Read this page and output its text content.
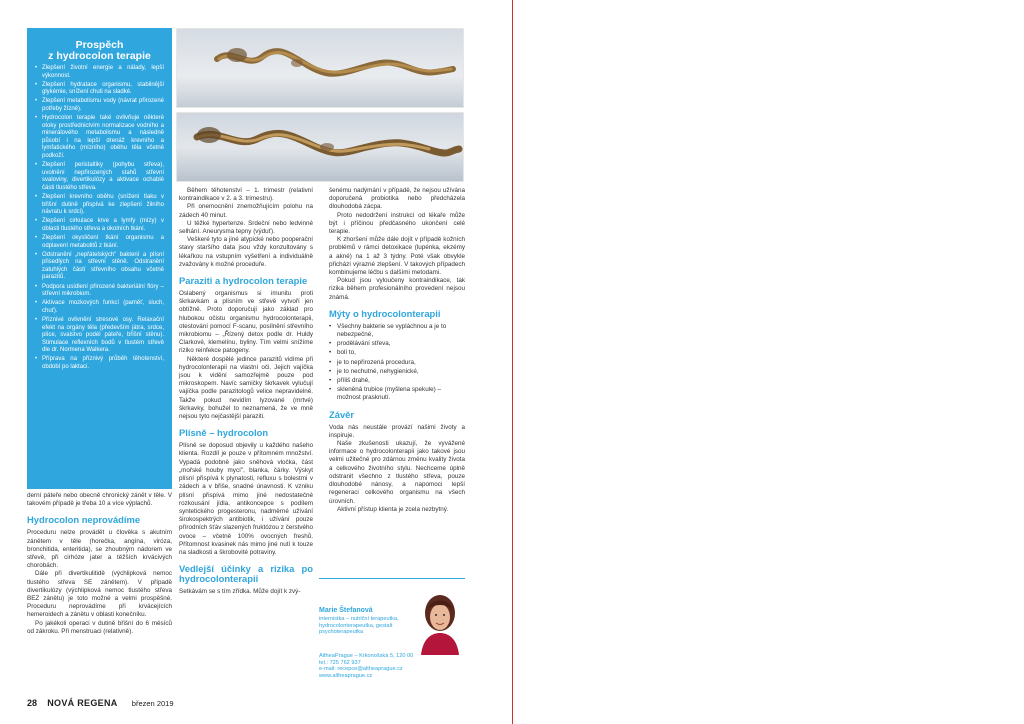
Prospěch
z hydrocolon terapie
• Zlepšení životní energie a nálady, lepší výkonnost.
• Zlepšení hydratace organismu, stabilnější glykémie, snížení chuti na sladké.
• Zlepšení metabolismu vody (návrat přirozené potřeby žízně).
• Hydrocolon terapie také ovlivňuje některé otoky prostřednictvím normalizace vodního a minerálového metabolismu a následně působí i na lepší drenáž krevního a lymfatického (mízního) oběhu těla včetně podkoží.
• Zlepšení peristaltiky (pohybu střeva), uvolnění nepřirozených stahů střevní svaloviny, divertikulózy a aktivace ochablé části tlustého střeva.
• Zlepšení krevního oběhu (snížení tlaku v břišní dutině přispívá ke zlepšení žilního návratu k srdci).
• Zlepšení cirkulace krve a lymfy (mízy) v oblasti tlustého střeva a okolních tkání.
• Zlepšení okysličení tkání organismu a odplavení metabolitů z tkání.
• Odstranění „nepřátelských" bakterií a plísní přisedlých na střevní stěně. Odstranění zatuhlých částí střevního obsahu včetně parazitů.
• Podpora usídlení přirozené bakteriální flóry – střevní mikrobiom.
• Aktivace mozkových funkcí (paměť, sluch, chuť).
• Příznivé ovlivnění stresové osy. Relaxační efekt na orgány těla (především játra, srdce, plíce, svalstvo podél páteře, břišní stěnu). Stimulace reflexních bodů v tlustém střevě dle dr. Normena Walkera.
• Příprava na příznivý průběh těhotenství, období po laktaci.

derní páteře nebo obecně chronický zánět v těle. V takovém případě je třeba 10 a více výplachů.

Hydrocolon neprovádíme

Proceduru nelze provádět u člověka s akutním zánětem v těle (horečka, angína, viróza, bronchitida, enteritida), se zhoubným nádorem ve střevě, při cirhóze jater a těžších krvácivých chorobách.

Dále při divertikulitidě (výchlipková nemoc tlustého střeva SE zánětem). V případě divertikulózy (výchlipková nemoc tlustého střeva BEZ zánětu) je toto možné a velmi prospěšné. Proceduru neprovádíme při krvácejících hemeroidech a zánětu v oblasti konečníku.

Po jakékoli operaci v dutině břišní do 6 měsíců od zákroku. Při menstruaci (relativně).

Během těhotenství – 1. trimestr (relativní kontraindikace v 2. a 3. trimestru).

Při onemocnění znemožňujícím polohu na zádech 40 minut.

U těžké hypertenze. Srdeční nebo ledvinné selhání. Aneurysma tepny (výduť).

Veškeré tyto a jiné atypické nebo pooperační stavy staršího data jsou vždy konzultovány s lékařkou na vstupním vyšetření a individuálně zvažovány k možné proceduře.

Paraziti a hydrocolon terapie

Oslabený organismus si imunitu proti škrkavkám a plísním ve střevě vytvoří jen obtížně. Proto doporučuji jako základ pro hlubokou očistu organismu hydrocolonterapii, otestování pomocí F-scanu, posílnění střevního mikrobiomu – „Řízený detox podle dr. Huldy Clarkové, klemelínu, byliny. Tím velmi snížíme riziko reinfekce patogeny.

Některé dospělé jedince parazitů vidíme při hydrocolonterapii na vlastní oči. Jejich vajíčka jsou k vidění samozřejmě pouze pod mikroskopem. Navíc samičky škrkavek vylučují vajíčka podle parazitologů velice nepravidelně. Takže pokud nevidím lyzované (mrtvé) škrkavky, bohužel to neznamená, že ve mně nejsou tyto nejčastější paraziti.

Plísně – hydrocolon

Plísně se doposud objevily u každého našeho klienta. Rozdíl je pouze v přítomném množství. Vypadá podobně jako sněhová vločka, část „mořské houby mycí", blanka, čárky. Výskyt plísní přispívá k plynatosti, refluxu s bolestmi v zádech a v břiše, snadné únavnosti. K vzniku plísní přispívá mimo jiné nedostatečné rozkousání jídla, antikoncepce s podílem syntetického progesteronu, nadměrné užívání širokospektrých antibiotik, i užívání pouze přírodních šťáv slazených fruktózou z čerstvého ovoce – včetně 100% ovocných freshů. Přítomnost kvasinek nás mimo jiné nutí k touze na sladkosti a škrobovité potraviny.

Vedlejší účinky a rizika po hydrocolonterapii

Setkávám se s tím zřídka. Může dojít k zvý-

šenému nadýmání v případě, že nejsou užívána doporučená probiotika nebo předcházela dlouhodobá zácpa.

Proto nedodržení instrukcí od lékaře může být i příčinou předčasného ukončení celé terapie.

K zhoršení může dále dojít v případě kožních problémů v rámci detoxikace (lupénka, ekzémy a akné) na 1 až 3 týdny. Poté však obvykle přichází výrazné zlepšení. V takových případech kombinujeme léčbu s dalšími metodami.

Pokud jsou vyloučeny kontraindikace, tak rizika během profesionálního provedení nejsou známá.

Mýty o hydrocolonterapii
• Všechny bakterie se vypláchnou a je to nebezpečné,
• prodělávání střeva,
• bolí to,
• je to nepřirozená procedura,
• je to nechutné, nehygienické,
• příliš drahé,
• skleněná trubice (myšlena spekule) – možnost prasknutí.
Závěr

Voda nás neustále provází našimi životy a inspiruje.

Naše zkušenosti ukazují, že vyvážené informace o hydrocolonterapii jako takové jsou velmi užitečné pro zdárnou změnu kvality života a celkového životního stylu. Nechceme úplně odstranit všechno z tlustého střeva, pouze dlouhodobé nánosy, a napomoci lepší regeneraci celkového organismu na všech úrovních.

Aktivní přístup klienta je zcela nezbytný.

Marie Štefanová
internistka – nutriční terapeutka, hydrocolonterapeutka, gestalt psychoterapeutka
AltheaPrague – Krkonošská 5, 120 00
tel.: 725 762 937
e-mail: recepce@altheaprague.cz
www.altheaprague.cz
28 NOVÁ REGENA březen 2019
